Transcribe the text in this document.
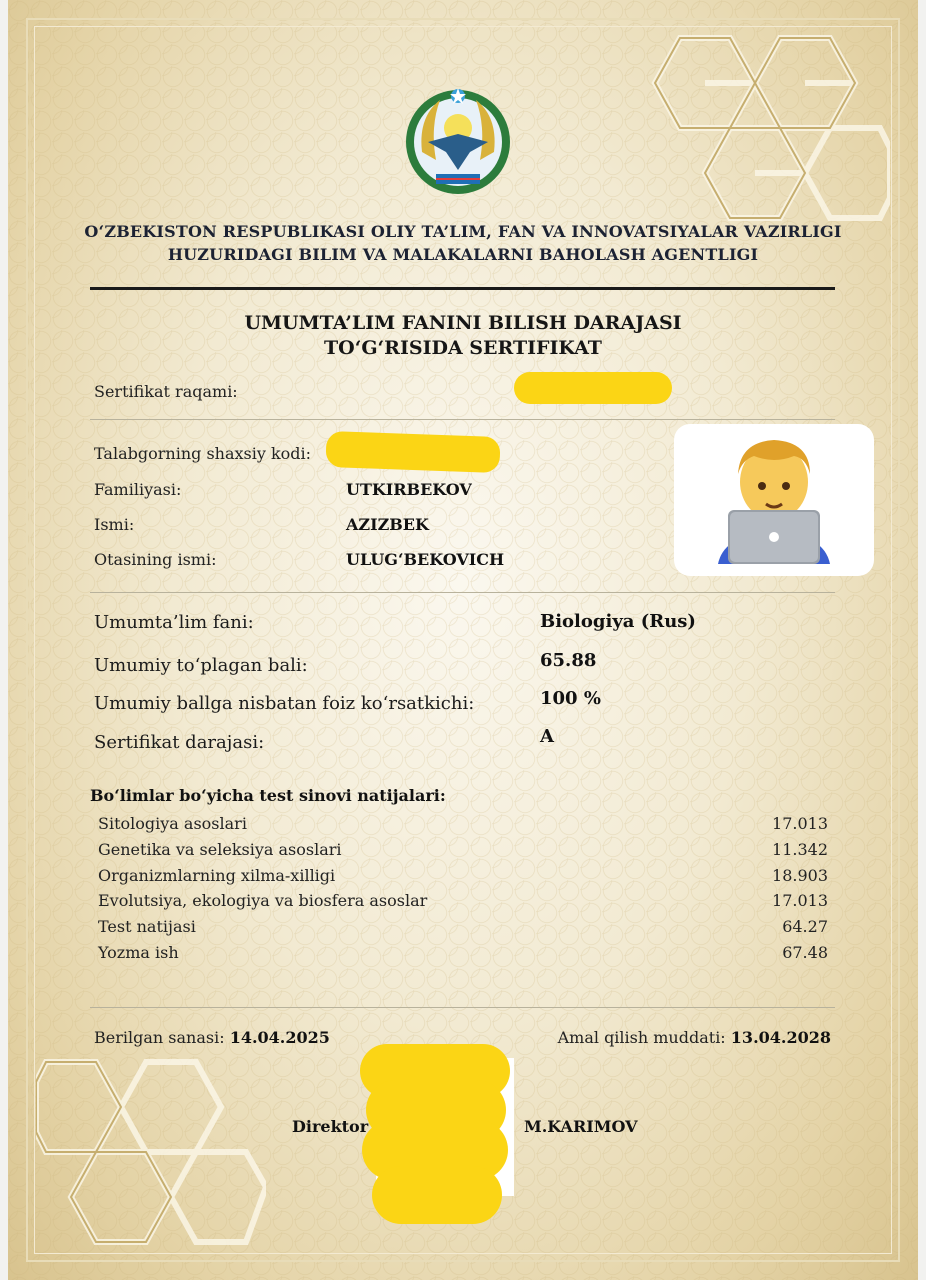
O‘ZBEKISTON RESPUBLIKASI OLIY TA’LIM, FAN VA INNOVATSIYALAR VAZIRLIGI
HUZURIDAGI BILIM VA MALAKALARNI BAHOLASH AGENTLIGI
UMUMTA’LIM FANINI BILISH DARAJASI
TO‘G‘RISIDA SERTIFIKAT
Sertifikat raqami:
Talabgorning shaxsiy kodi:
Familiyasi:	UTKIRBEKOV
Ismi:	AZIZBEK
Otasining ismi:	ULUG‘BEKOVICH
Umumta’lim fani:	Biologiya (Rus)
Umumiy to‘plagan bali:	65.88
Umumiy ballga nisbatan foiz ko‘rsatkichi:	100 %
Sertifikat darajasi:	A
Bo‘limlar bo‘yicha test sinovi natijalari:
Sitologiya asoslari	17.013
Genetika va seleksiya asoslari	11.342
Organizmlarning xilma-xilligi	18.903
Evolutsiya, ekologiya va biosfera asoslar	17.013
Test natijasi	64.27
Yozma ish	67.48
Berilgan sanasi: 14.04.2025	Amal qilish muddati: 13.04.2028
Direktor	M.KARIMOV
